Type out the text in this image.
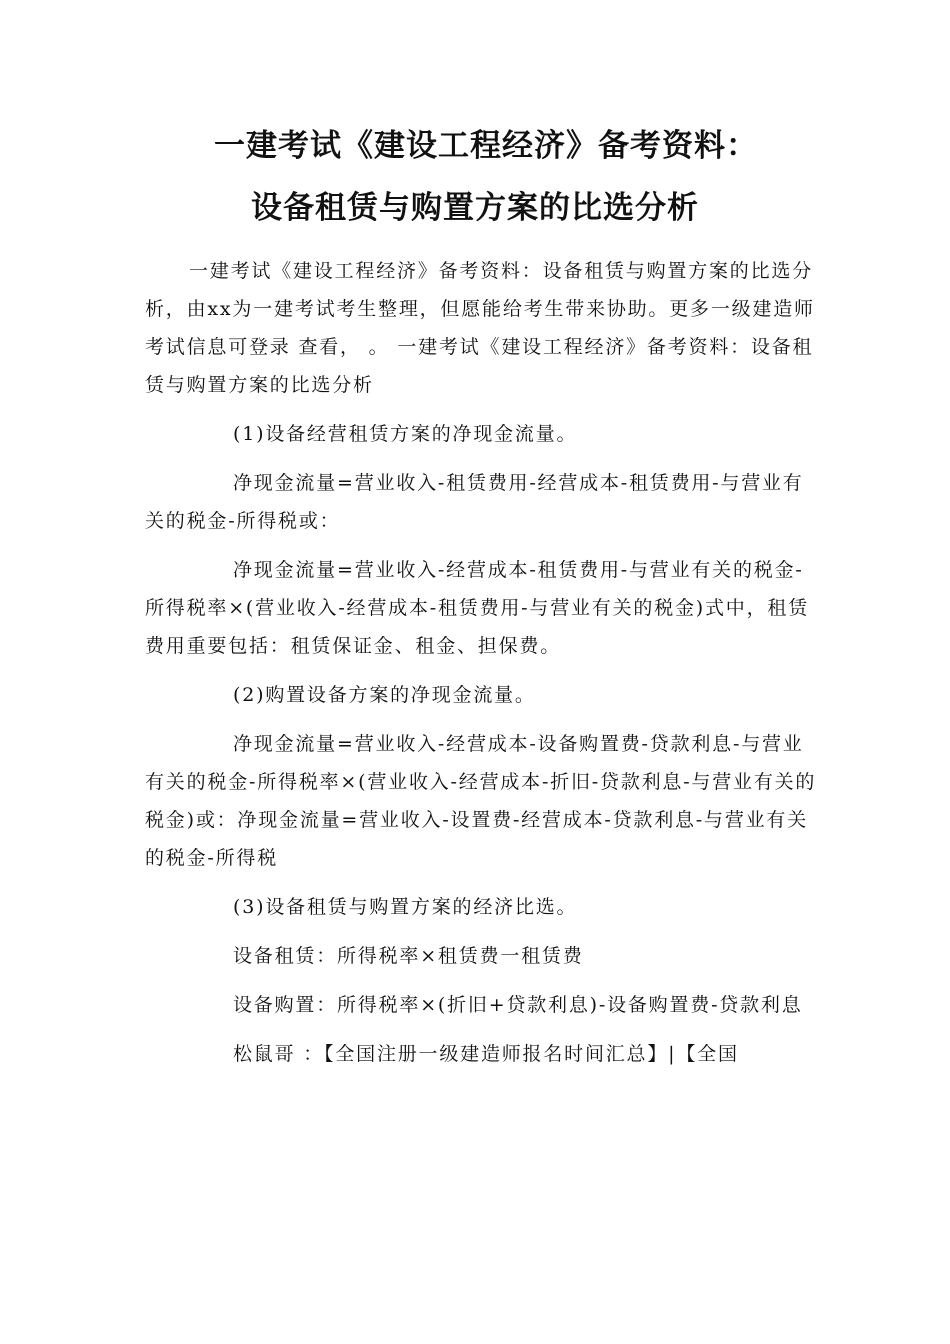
一建考试《建设工程经济》备考资料：
设备租赁与购置方案的比选分析

一建考试《建设工程经济》备考资料：设备租赁与购置方案的比选分析，由xx为一建考试考生整理，但愿能给考生带来协助。更多一级建造师考试信息可登录 查看， 。 一建考试《建设工程经济》备考资料：设备租赁与购置方案的比选分析

(1)设备经营租赁方案的净现金流量。

净现金流量=营业收入-租赁费用-经营成本-租赁费用-与营业有关的税金-所得税或：

净现金流量=营业收入-经营成本-租赁费用-与营业有关的税金-所得税率×(营业收入-经营成本-租赁费用-与营业有关的税金)式中，租赁费用重要包括：租赁保证金、租金、担保费。

(2)购置设备方案的净现金流量。

净现金流量=营业收入-经营成本-设备购置费-贷款利息-与营业有关的税金-所得税率×(营业收入-经营成本-折旧-贷款利息-与营业有关的税金)或：净现金流量=营业收入-设置费-经营成本-贷款利息-与营业有关的税金-所得税

(3)设备租赁与购置方案的经济比选。

设备租赁：所得税率×租赁费一租赁费

设备购置：所得税率×(折旧+贷款利息)-设备购置费-贷款利息

松鼠哥 ：【全国注册一级建造师报名时间汇总】|【全国
